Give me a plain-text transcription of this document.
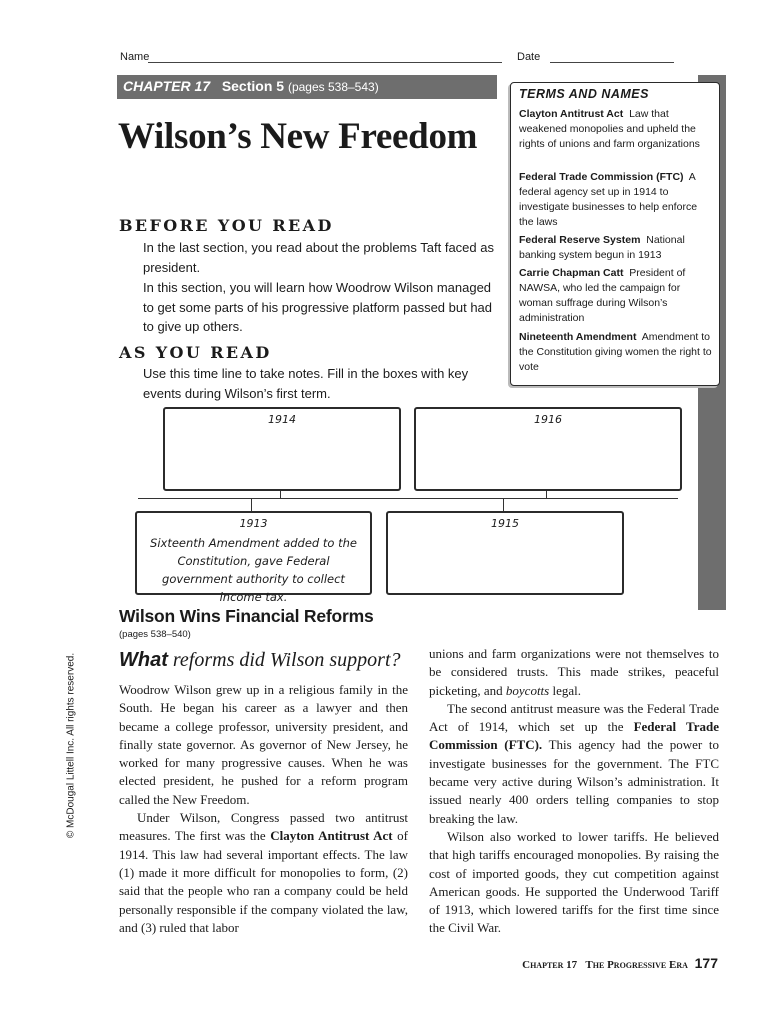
Name	Date
CHAPTER 17 Section 5 (pages 538–543)
Wilson’s New Freedom
TERMS AND NAMES
Clayton Antitrust Act Law that weakened monopolies and upheld the rights of unions and farm organizations
Federal Trade Commission (FTC) A federal agency set up in 1914 to investigate businesses to help enforce the laws
Federal Reserve System National banking system begun in 1913
Carrie Chapman Catt President of NAWSA, who led the campaign for woman suffrage during Wilson’s administration
Nineteenth Amendment Amendment to the Constitution giving women the right to vote
BEFORE YOU READ
In the last section, you read about the problems Taft faced as president.
In this section, you will learn how Woodrow Wilson managed to get some parts of his progressive platform passed but had to give up others.
AS YOU READ
Use this time line to take notes. Fill in the boxes with key events during Wilson’s first term.
1914	1916
1913
Sixteenth Amendment added to the Constitution, gave Federal government authority to collect income tax.
1915
Wilson Wins Financial Reforms
(pages 538–540)
What reforms did Wilson support?

Woodrow Wilson grew up in a religious family in the South. He began his career as a lawyer and then became a college professor, university president, and finally state governor. As governor of New Jersey, he worked for many progressive causes. When he was elected president, he pushed for a reform program called the New Freedom.

Under Wilson, Congress passed two antitrust measures. The first was the Clayton Antitrust Act of 1914. This law had several important effects. The law (1) made it more difficult for monopolies to form, (2) said that the people who ran a company could be held personally responsible if the company violated the law, and (3) ruled that labor

unions and farm organizations were not themselves to be considered trusts. This made strikes, peaceful picketing, and boycotts legal.

The second antitrust measure was the Federal Trade Act of 1914, which set up the Federal Trade Commission (FTC). This agency had the power to investigate businesses for the government. The FTC became very active during Wilson’s administration. It issued nearly 400 orders telling companies to stop breaking the law.

Wilson also worked to lower tariffs. He believed that high tariffs encouraged monopolies. By raising the cost of imported goods, they cut competition against American goods. He supported the Underwood Tariff of 1913, which lowered tariffs for the first time since the Civil War.

© McDougal Littell Inc. All rights reserved.
Chapter 17 The Progressive Era 177
